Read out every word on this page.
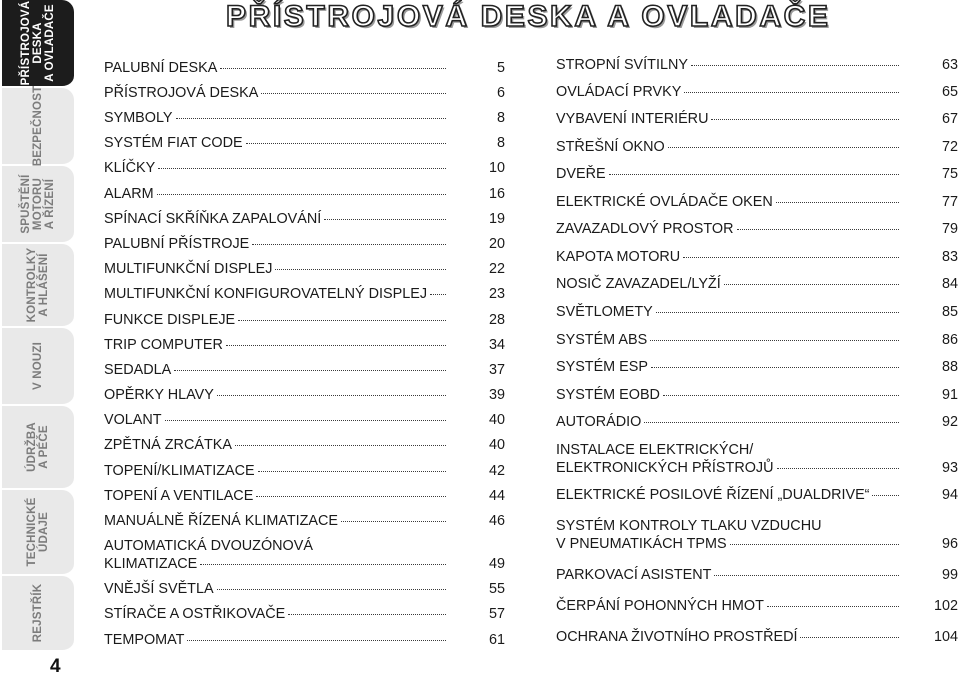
PŘÍSTROJOVÁ
DESKA
A OVLADAČE
BEZPEČNOST
SPUŠTĚNÍ
MOTORU
A ŘÍZENÍ
KONTROLKY
A HLÁŠENÍ
V NOUZI
ÚDRŽBA
A PÉČE
TECHNICKÉ
ÚDAJE
REJSTŘÍK
4
PŘÍSTROJOVÁ DESKA A OVLADAČE
PALUBNÍ DESKA	5
PŘÍSTROJOVÁ DESKA	6
SYMBOLY	8
SYSTÉM FIAT CODE	8
KLÍČKY	10
ALARM	16
SPÍNACÍ SKŘÍŇKA ZAPALOVÁNÍ	19
PALUBNÍ PŘÍSTROJE	20
MULTIFUNKČNÍ DISPLEJ	22
MULTIFUNKČNÍ KONFIGUROVATELNÝ DISPLEJ	23
FUNKCE DISPLEJE	28
TRIP COMPUTER	34
SEDADLA	37
OPĚRKY HLAVY	39
VOLANT	40
ZPĚTNÁ ZRCÁTKA	40
TOPENÍ/KLIMATIZACE	42
TOPENÍ A VENTILACE	44
MANUÁLNĚ ŘÍZENÁ KLIMATIZACE	46
AUTOMATICKÁ DVOUZÓNOVÁ
KLIMATIZACE	49
VNĚJŠÍ SVĚTLA	55
STÍRAČE A OSTŘIKOVAČE	57
TEMPOMAT	61
STROPNÍ SVÍTILNY	63
OVLÁDACÍ PRVKY	65
VYBAVENÍ INTERIÉRU	67
STŘEŠNÍ OKNO	72
DVEŘE	75
ELEKTRICKÉ OVLÁDAČE OKEN	77
ZAVAZADLOVÝ PROSTOR	79
KAPOTA MOTORU	83
NOSIČ ZAVAZADEL/LYŽÍ	84
SVĚTLOMETY	85
SYSTÉM ABS	86
SYSTÉM ESP	88
SYSTÉM EOBD	91
AUTORÁDIO	92
INSTALACE ELEKTRICKÝCH/
ELEKTRONICKÝCH PŘÍSTROJŮ	93
ELEKTRICKÉ POSILOVÉ ŘÍZENÍ „DUALDRIVE“	94
SYSTÉM KONTROLY TLAKU VZDUCHU
V PNEUMATIKÁCH TPMS	96
PARKOVACÍ ASISTENT	99
ČERPÁNÍ POHONNÝCH HMOT	102
OCHRANA ŽIVOTNÍHO PROSTŘEDÍ	104
